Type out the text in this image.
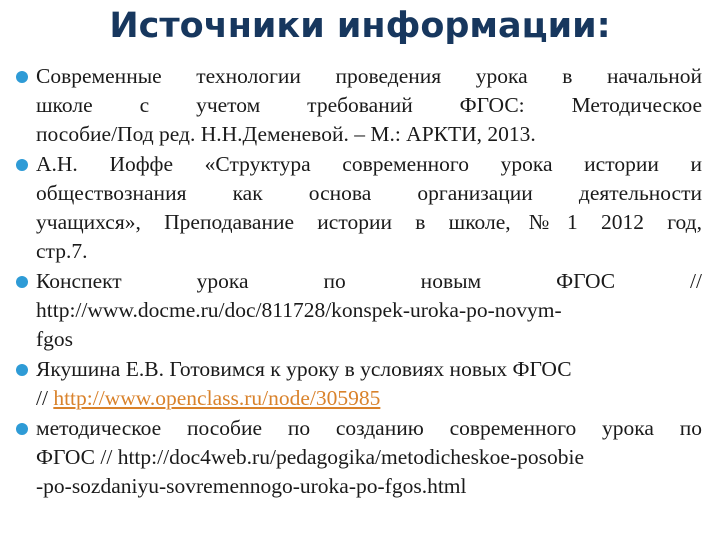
Источники информации:
Современные технологии проведения урока в начальной
школе с учетом требований ФГОС: Методическое
пособие/Под ред. Н.Н.Деменевой. – М.: АРКТИ, 2013.
А.Н. Иоффе «Структура современного урока истории и
обществознания как основа организации деятельности
учащихся», Преподавание истории в школе,№1 2012 год,
стр.7.
Конспект урока по новым ФГОС //
http://www.docme.ru/doc/811728/konspek-uroka-po-novym-
fgos
Якушина Е.В. Готовимся к уроку в условиях новых ФГОС
// http://www.openclass.ru/node/305985
методическое пособие по созданию современного урока по
ФГОС // http://doc4web.ru/pedagogika/metodicheskoe-posobie
-po-sozdaniyu-sovremennogo-uroka-po-fgos.html
